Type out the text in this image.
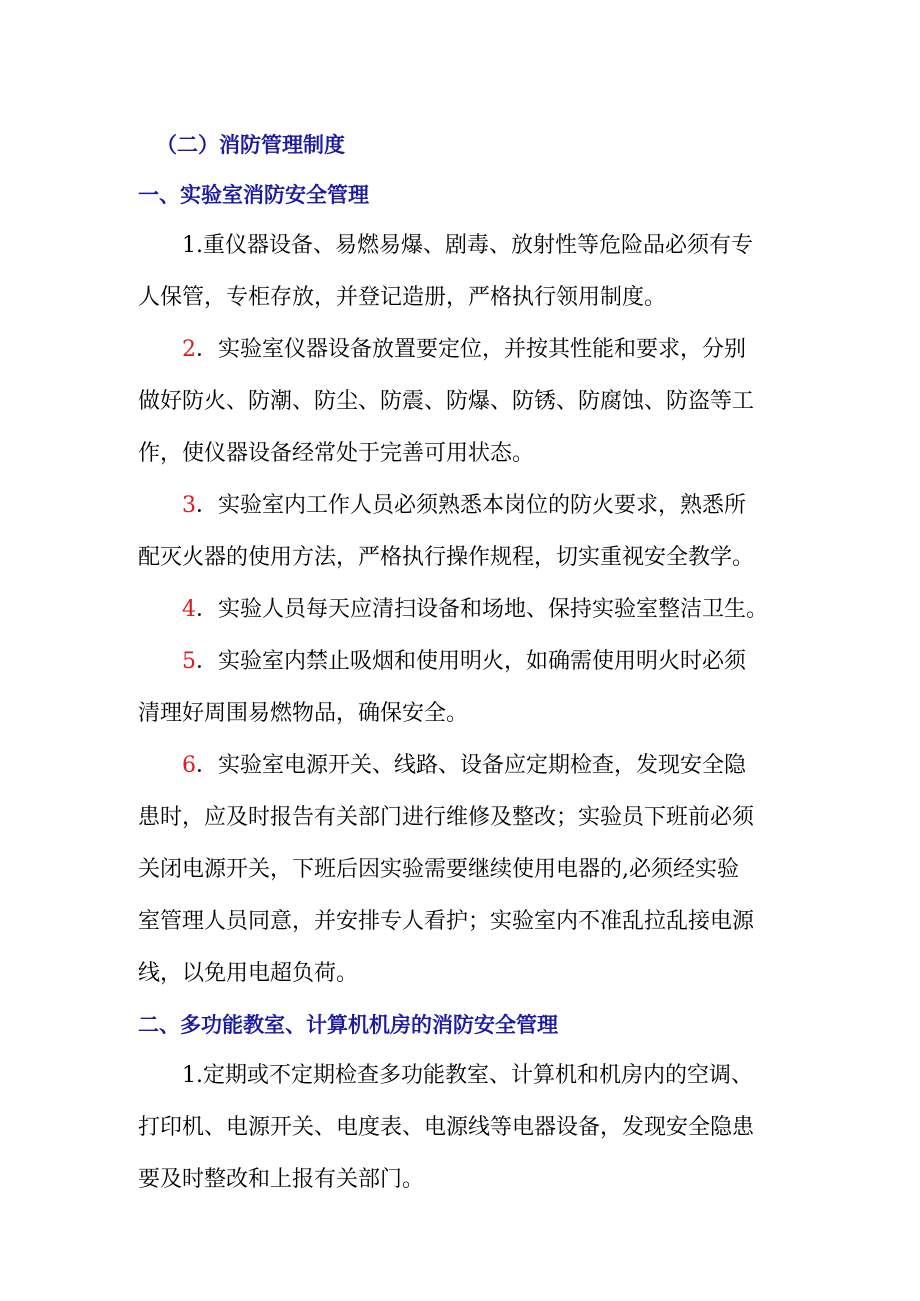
（二）消防管理制度
一、实验室消防安全管理

1.重仪器设备、易燃易爆、剧毒、放射性等危险品必须有专
人保管，专柜存放，并登记造册，严格执行领用制度。

2．实验室仪器设备放置要定位，并按其性能和要求，分别
做好防火、防潮、防尘、防震、防爆、防锈、防腐蚀、防盗等工
作，使仪器设备经常处于完善可用状态。

3．实验室内工作人员必须熟悉本岗位的防火要求，熟悉所
配灭火器的使用方法，严格执行操作规程，切实重视安全教学。

4．实验人员每天应清扫设备和场地、保持实验室整洁卫生。

5．实验室内禁止吸烟和使用明火，如确需使用明火时必须
清理好周围易燃物品，确保安全。

6．实验室电源开关、线路、设备应定期检查，发现安全隐
患时，应及时报告有关部门进行维修及整改；实验员下班前必须
关闭电源开关，下班后因实验需要继续使用电器的,必须经实验
室管理人员同意，并安排专人看护；实验室内不准乱拉乱接电源
线，以免用电超负荷。

二、多功能教室、计算机机房的消防安全管理

1.定期或不定期检查多功能教室、计算机和机房内的空调、
打印机、电源开关、电度表、电源线等电器设备，发现安全隐患
要及时整改和上报有关部门。
